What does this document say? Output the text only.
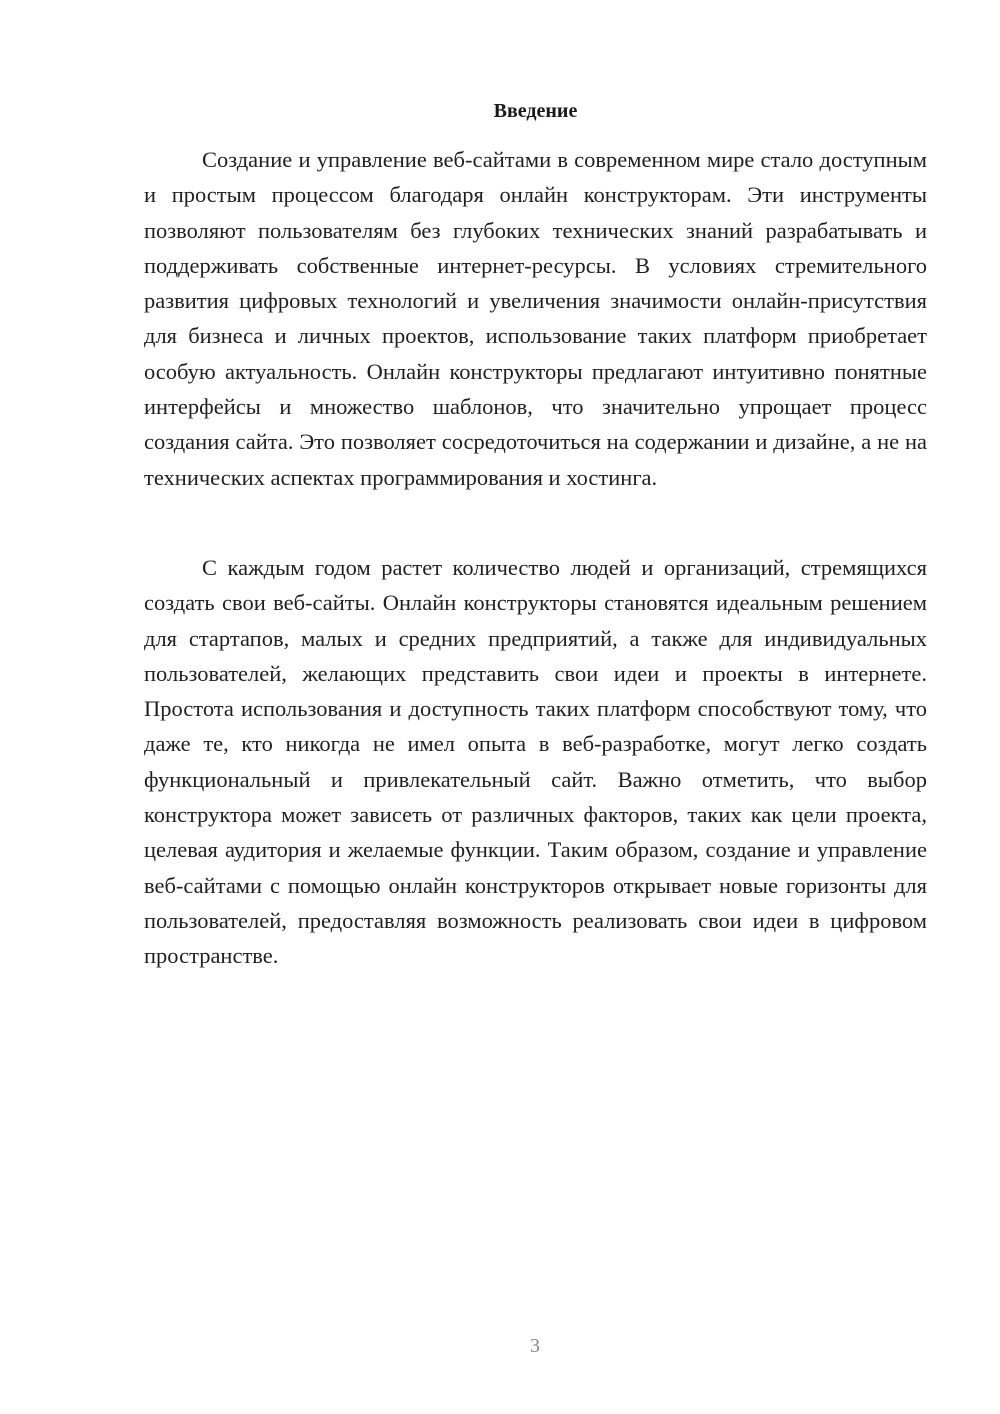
Введение

Создание и управление веб-сайтами в современном мире стало доступным и простым процессом благодаря онлайн конструкторам. Эти инструменты позволяют пользователям без глубоких технических знаний разрабатывать и поддерживать собственные интернет-ресурсы. В условиях стремительного развития цифровых технологий и увеличения значимости онлайн-присутствия для бизнеса и личных проектов, использование таких платформ приобретает особую актуальность. Онлайн конструкторы предлагают интуитивно понятные интерфейсы и множество шаблонов, что значительно упрощает процесс создания сайта. Это позволяет сосредоточиться на содержании и дизайне, а не на технических аспектах программирования и хостинга.

С каждым годом растет количество людей и организаций, стремящихся создать свои веб-сайты. Онлайн конструкторы становятся идеальным решением для стартапов, малых и средних предприятий, а также для индивидуальных пользователей, желающих представить свои идеи и проекты в интернете. Простота использования и доступность таких платформ способствуют тому, что даже те, кто никогда не имел опыта в веб-разработке, могут легко создать функциональный и привлекательный сайт. Важно отметить, что выбор конструктора может зависеть от различных факторов, таких как цели проекта, целевая аудитория и желаемые функции. Таким образом, создание и управление веб-сайтами с помощью онлайн конструкторов открывает новые горизонты для пользователей, предоставляя возможность реализовать свои идеи в цифровом пространстве.

3
